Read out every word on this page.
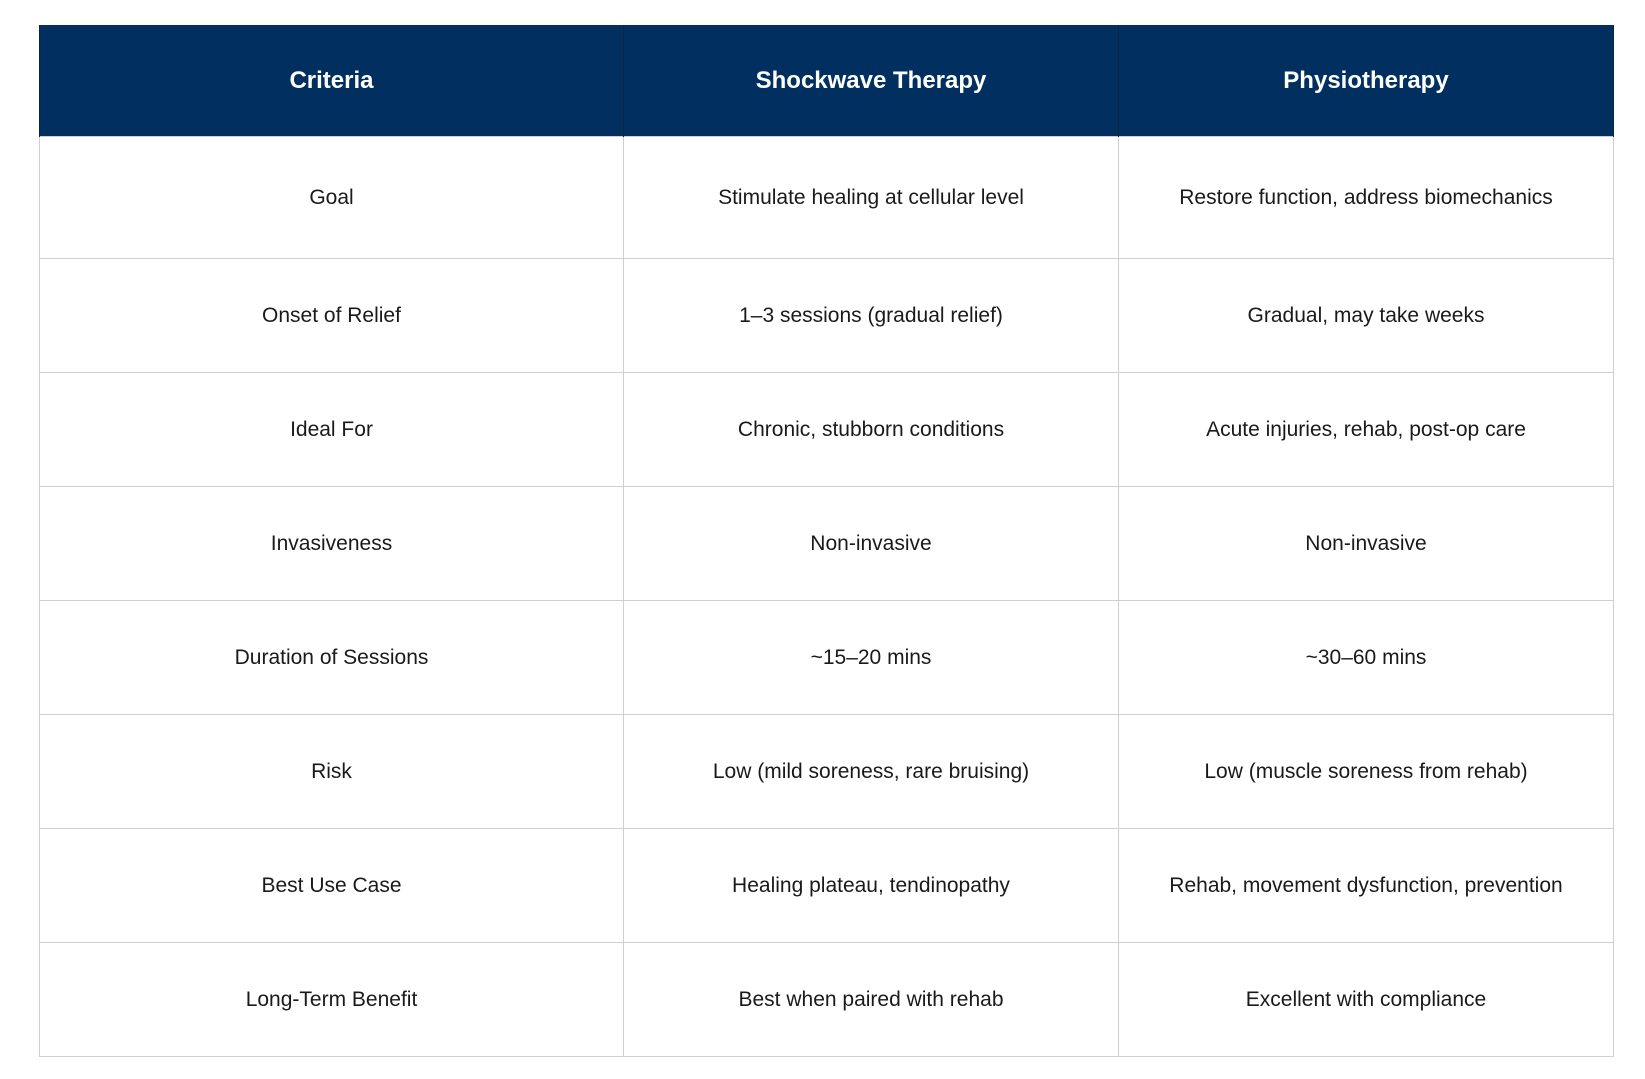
Criteria	Shockwave Therapy	Physiotherapy
Goal	Stimulate healing at cellular level	Restore function, address biomechanics
Onset of Relief	1–3 sessions (gradual relief)	Gradual, may take weeks
Ideal For	Chronic, stubborn conditions	Acute injuries, rehab, post-op care
Invasiveness	Non-invasive	Non-invasive
Duration of Sessions	~15–20 mins	~30–60 mins
Risk	Low (mild soreness, rare bruising)	Low (muscle soreness from rehab)
Best Use Case	Healing plateau, tendinopathy	Rehab, movement dysfunction, prevention
Long-Term Benefit	Best when paired with rehab	Excellent with compliance
